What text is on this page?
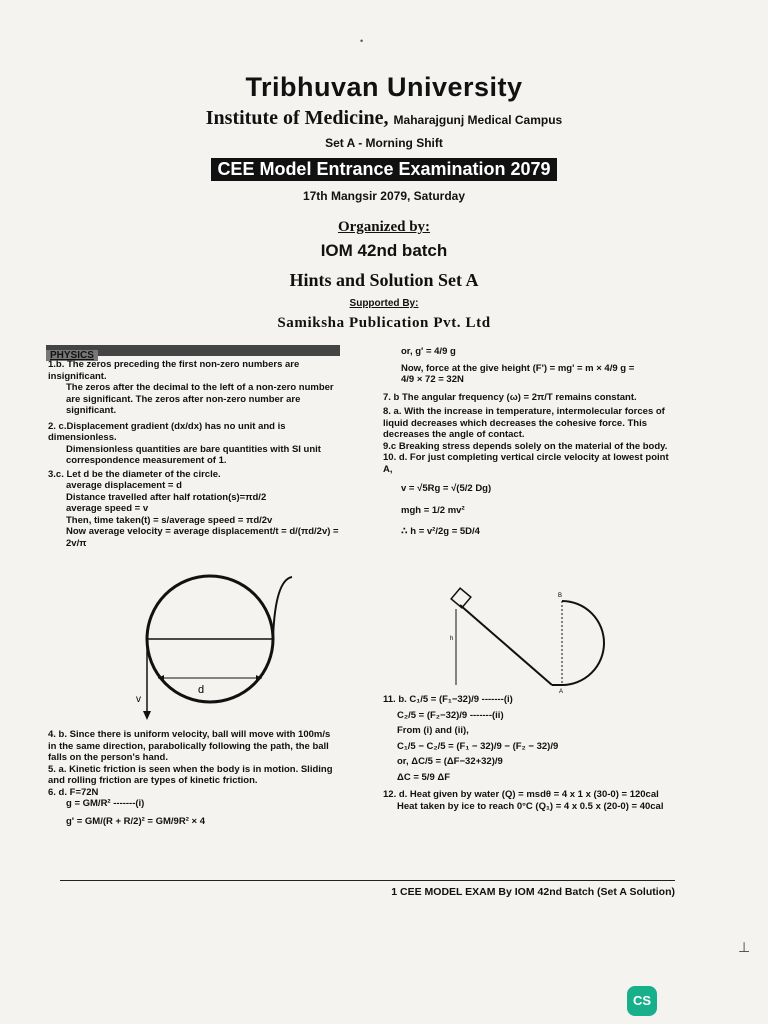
•
Tribhuvan University
Institute of Medicine, Maharajgunj Medical Campus
Set A - Morning Shift
CEE Model Entrance Examination 2079
17th Mangsir 2079, Saturday
Organized by:
IOM 42nd batch
Hints and Solution Set A
Supported By:
Samiksha Publication Pvt. Ltd
PHYSICS

1.b. The zeros preceding the first non-zero numbers are insignificant.

The zeros after the decimal to the left of a non-zero number are significant. The zeros after non-zero number are significant.

2. c.Displacement gradient (dx/dx) has no unit and is dimensionless.

Dimensionless quantities are bare quantities with SI unit correspondence measurement of 1.

3.c. Let d be the diameter of the circle.

average displacement = d

Distance travelled after half rotation(s)=πd/2

average speed = v

Then, time taken(t) = s/average speed = πd/2v

Now average velocity = average displacement/t = d/(πd/2v) = 2v/π

d
v

4. b. Since there is uniform velocity, ball will move with 100m/s in the same direction, parabolically following the path, the ball falls on the person's hand.

5. a. Kinetic friction is seen when the body is in motion. Sliding and rolling friction are types of kinetic friction.

6. d. F=72N

g = GM/R² -------(i)

g' = GM/(R + R/2)² = GM/9R² × 4

or, g' = 4/9 g

Now, force at the give height (F') = mg' = m × 4/9 g =

4/9 × 72 = 32N

7. b The angular frequency (ω) = 2π/T remains constant.

8. a. With the increase in temperature, intermolecular forces of liquid decreases which decreases the cohesive force. This decreases the angle of contact.

9.c Breaking stress depends solely on the material of the body.

10. d. For just completing vertical circle velocity at lowest point A,

v = √5Rg = √(5/2 Dg)

mgh = 1/2 mv²

∴ h = v²/2g = 5D/4

h
B
A

11. b. C₁/5 = (F₁−32)/9 -------(i)

C₂/5 = (F₂−32)/9 -------(ii)

From (i) and (ii),

C₁/5 − C₂/5 = (F₁ − 32)/9 − (F₂ − 32)/9

or, ΔC/5 = (ΔF−32+32)/9

ΔC = 5/9 ΔF

12. d. Heat given by water (Q) = msdθ = 4 x 1 x (30-0) = 120cal

Heat taken by ice to reach 0°C (Q₁) = 4 x 0.5 x (20-0) = 40cal

1 CEE MODEL EXAM By IOM 42nd Batch (Set A Solution)
⊥
CS
